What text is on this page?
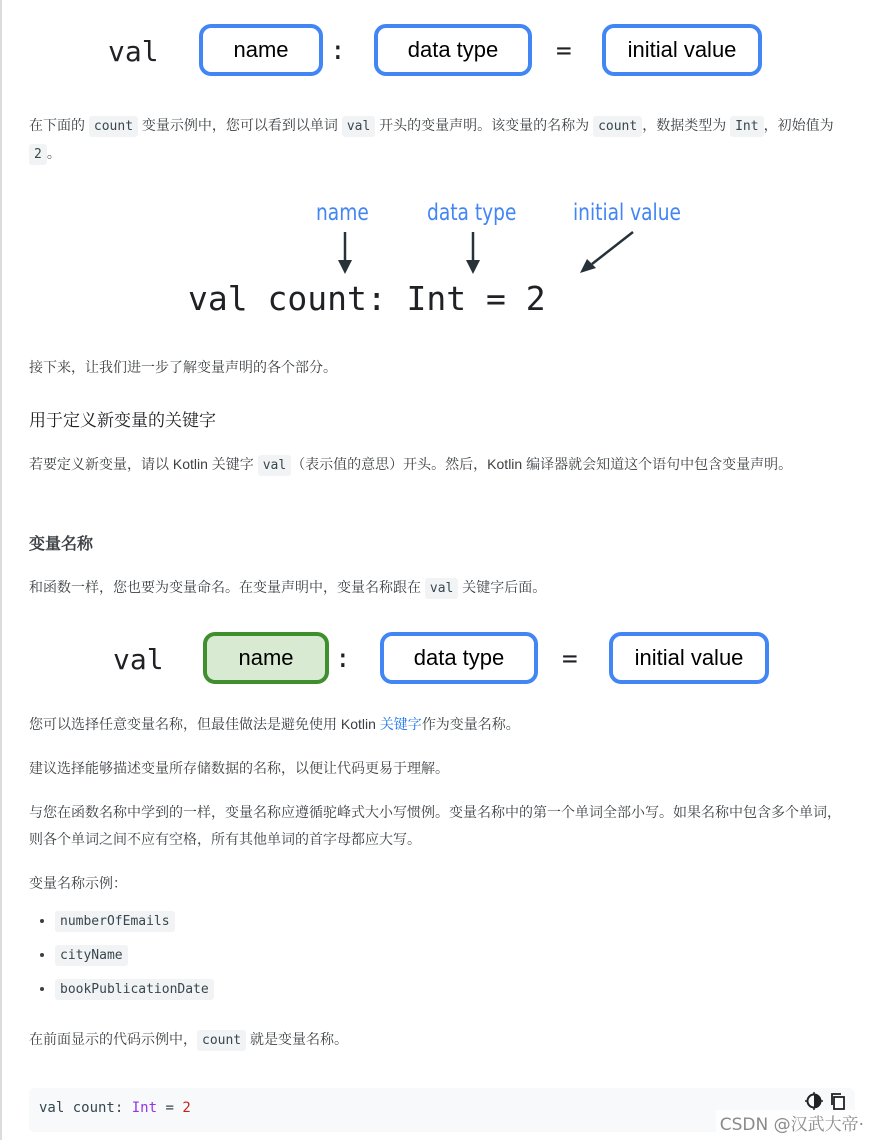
val	name	:	data type	=	initial value

在下面的 count 变量示例中，您可以看到以单词 val 开头的变量声明。该变量的名称为 count ，数据类型为 Int ，初始值为
2 。

name	data type initial value
val count: Int = 2

接下来，让我们进一步了解变量声明的各个部分。

用于定义新变量的关键字

若要定义新变量，请以 Kotlin 关键字 val （表示值的意思）开头。然后，Kotlin 编译器就会知道这个语句中包含变量声明。

变量名称

和函数一样，您也要为变量命名。在变量声明中，变量名称跟在 val 关键字后面。

val	name	:	data type	=	initial value

您可以选择任意变量名称，但最佳做法是避免使用 Kotlin 关键字作为变量名称。

建议选择能够描述变量所存储数据的名称，以便让代码更易于理解。

与您在函数名称中学到的一样，变量名称应遵循驼峰式大小写惯例。变量名称中的第一个单词全部小写。如果名称中包含多个单词，则各个单词之间不应有空格，所有其他单词的首字母都应大写。

变量名称示例：

• numberOfEmails
• cityName
• bookPublicationDate

在前面显示的代码示例中， count 就是变量名称。

val count: Int = 2
CSDN @汉武大帝·
